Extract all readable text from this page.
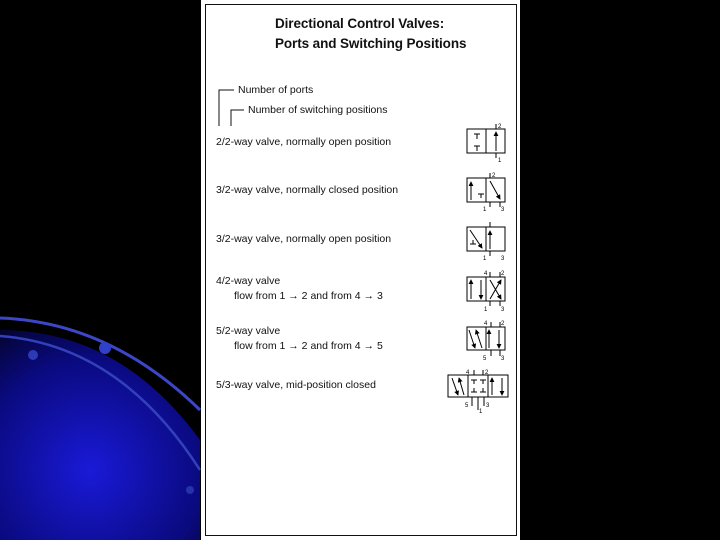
Directional Control Valves:
Ports and Switching Positions
Number of ports
Number of switching positions
2/2-way valve, normally open position
3/2-way valve, normally closed position
3/2-way valve, normally open position
4/2-way valve
flow from 1 → 2 and from 4 → 3
5/2-way valve
flow from 1 → 2 and from 4 → 5
5/3-way valve, mid-position closed
2
1
2
1 3
1 3
4 2
1 3
4 2
5 3
4	2
5
1
3
